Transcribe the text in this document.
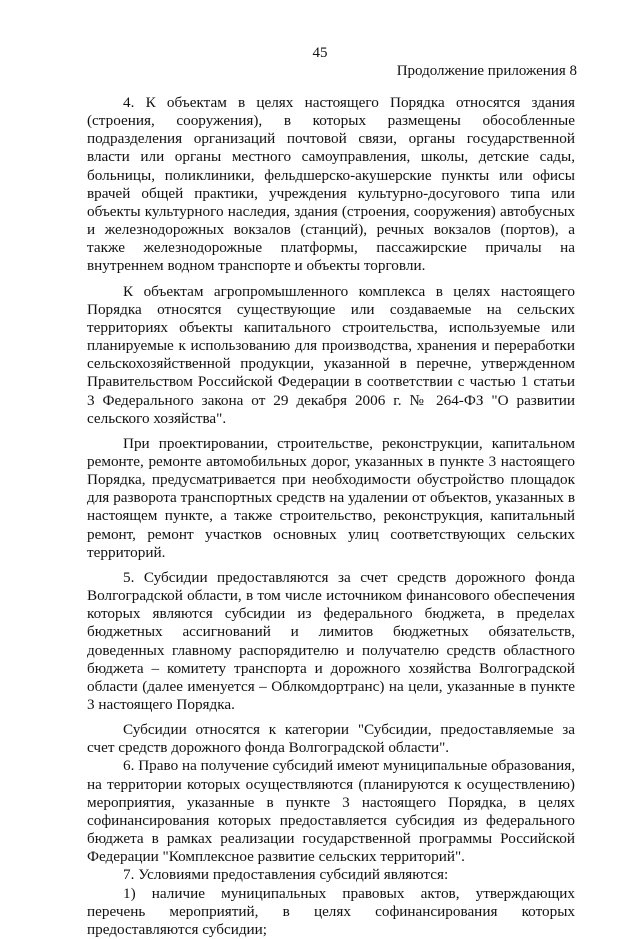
45
Продолжение приложения 8

4. К объектам в целях настоящего Порядка относятся здания (строения, сооружения), в которых размещены обособленные подразделения организаций почтовой связи, органы государственной власти или органы местного самоуправления, школы, детские сады, больницы, поликлиники, фельдшерско-акушерские пункты или офисы врачей общей практики, учреждения культурно-досугового типа или объекты культурного наследия, здания (строения, сооружения) автобусных и железнодорожных вокзалов (станций), речных вокзалов (портов), а также железнодорожные платформы, пассажирские причалы на внутреннем водном транспорте и объекты торговли.

К объектам агропромышленного комплекса в целях настоящего Порядка относятся существующие или создаваемые на сельских территориях объекты капитального строительства, используемые или планируемые к использованию для производства, хранения и переработки сельскохозяйственной продукции, указанной в перечне, утвержденном Правительством Российской Федерации в соответствии с частью 1 статьи 3 Федерального закона от 29 декабря 2006 г. № 264-ФЗ "О развитии сельского хозяйства".

При проектировании, строительстве, реконструкции, капитальном ремонте, ремонте автомобильных дорог, указанных в пункте 3 настоящего Порядка, предусматривается при необходимости обустройство площадок для разворота транспортных средств на удалении от объектов, указанных в настоящем пункте, а также строительство, реконструкция, капитальный ремонт, ремонт участков основных улиц соответствующих сельских территорий.

5. Субсидии предоставляются за счет средств дорожного фонда Волгоградской области, в том числе источником финансового обеспечения которых являются субсидии из федерального бюджета, в пределах бюджетных ассигнований и лимитов бюджетных обязательств, доведенных главному распорядителю и получателю средств областного бюджета – комитету транспорта и дорожного хозяйства Волгоградской области (далее именуется – Облкомдортранс) на цели, указанные в пункте 3 настоящего Порядка.

Субсидии относятся к категории "Субсидии, предоставляемые за счет средств дорожного фонда Волгоградской области".

6. Право на получение субсидий имеют муниципальные образования, на территории которых осуществляются (планируются к осуществлению) мероприятия, указанные в пункте 3 настоящего Порядка, в целях софинансирования которых предоставляется субсидия из федерального бюджета в рамках реализации государственной программы Российской Федерации "Комплексное развитие сельских территорий".

7. Условиями предоставления субсидий являются:

1) наличие муниципальных правовых актов, утверждающих перечень мероприятий, в целях софинансирования которых предоставляются субсидии;
